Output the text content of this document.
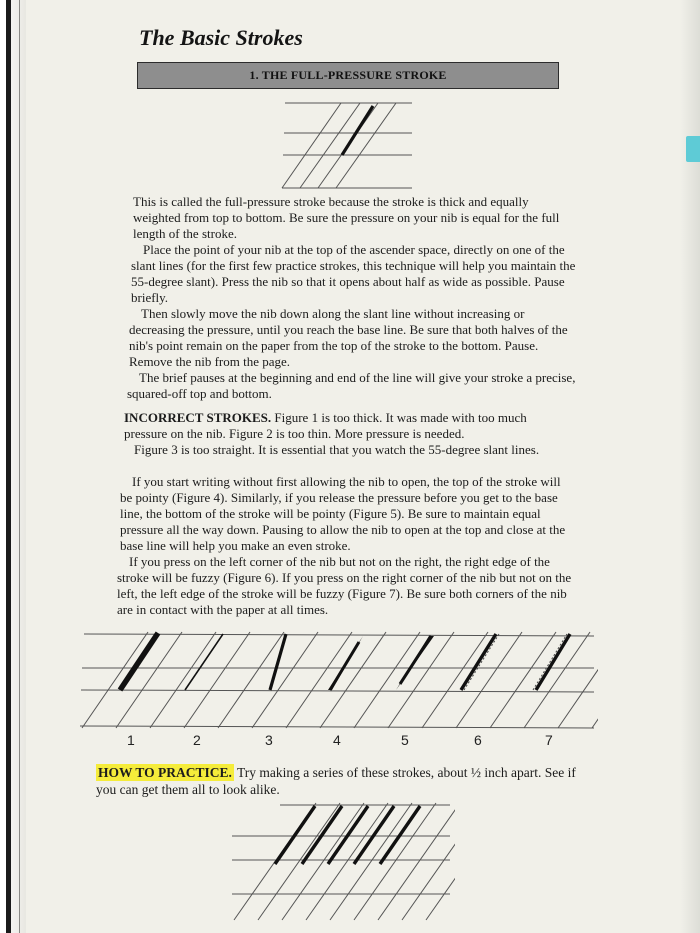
The Basic Strokes
1. THE FULL-PRESSURE STROKE

This is called the full-pressure stroke because the stroke is thick and equally weighted from top to bottom. Be sure the pressure on your nib is equal for the full length of the stroke.

Place the point of your nib at the top of the ascender space, directly on one of the slant lines (for the first few practice strokes, this technique will help you maintain the 55-degree slant). Press the nib so that it opens about half as wide as possible. Pause briefly.

Then slowly move the nib down along the slant line without increasing or decreasing the pressure, until you reach the base line. Be sure that both halves of the nib's point remain on the paper from the top of the stroke to the bottom. Pause. Remove the nib from the page.

The brief pauses at the beginning and end of the line will give your stroke a precise, squared-off top and bottom.

INCORRECT STROKES. Figure 1 is too thick. It was made with too much pressure on the nib. Figure 2 is too thin. More pressure is needed.

Figure 3 is too straight. It is essential that you watch the 55-degree slant lines.

If you start writing without first allowing the nib to open, the top of the stroke will be pointy (Figure 4). Similarly, if you release the pressure before you get to the base line, the bottom of the stroke will be pointy (Figure 5). Be sure to maintain equal pressure all the way down. Pausing to allow the nib to open at the top and close at the base line will help you make an even stroke.

If you press on the left corner of the nib but not on the right, the right edge of the stroke will be fuzzy (Figure 6). If you press on the right corner of the nib but not on the left, the left edge of the stroke will be fuzzy (Figure 7). Be sure both corners of the nib are in contact with the paper at all times.

1	2	3	4	5	6	7

HOW TO PRACTICE. Try making a series of these strokes, about ½ inch apart. See if you can get them all to look alike.
